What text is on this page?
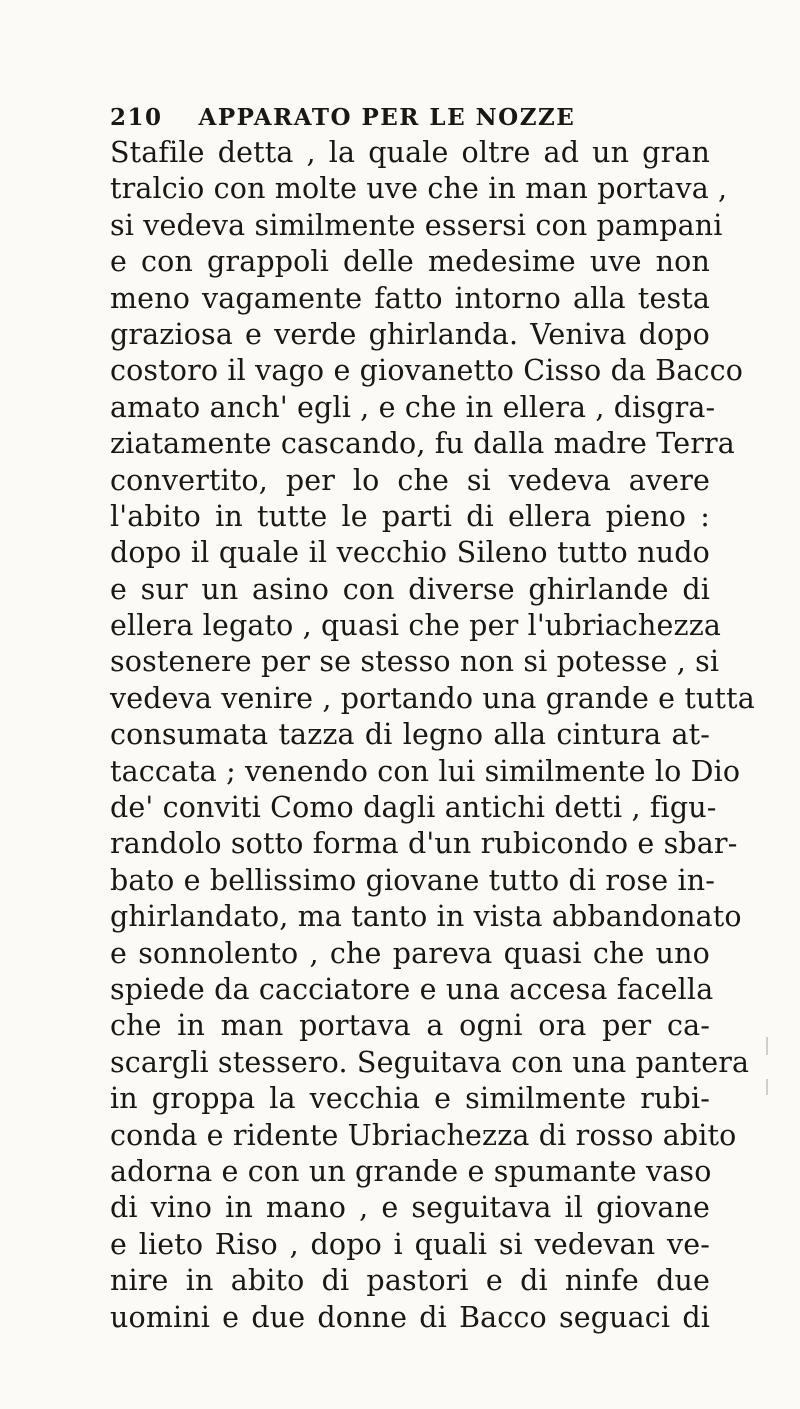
210 APPARATO PER LE NOZZE
Stafile detta , la quale oltre ad un gran
tralcio con molte uve che in man portava ,
si vedeva similmente essersi con pampani
e con grappoli delle medesime uve non
meno vagamente fatto intorno alla testa
graziosa e verde ghirlanda. Veniva dopo
costoro il vago e giovanetto Cisso da Bacco
amato anch' egli , e che in ellera , disgra-
ziatamente cascando, fu dalla madre Terra
convertito, per lo che si vedeva avere
l'abito in tutte le parti di ellera pieno :
dopo il quale il vecchio Sileno tutto nudo
e sur un asino con diverse ghirlande di
ellera legato , quasi che per l'ubriachezza
sostenere per se stesso non si potesse , si
vedeva venire , portando una grande e tutta
consumata tazza di legno alla cintura at-
taccata ; venendo con lui similmente lo Dio
de' conviti Como dagli antichi detti , figu-
randolo sotto forma d'un rubicondo e sbar-
bato e bellissimo giovane tutto di rose in-
ghirlandato, ma tanto in vista abbandonato
e sonnolento , che pareva quasi che uno
spiede da cacciatore e una accesa facella
che in man portava a ogni ora per ca-
scargli stessero. Seguitava con una pantera
in groppa la vecchia e similmente rubi-
conda e ridente Ubriachezza di rosso abito
adorna e con un grande e spumante vaso
di vino in mano , e seguitava il giovane
e lieto Riso , dopo i quali si vedevan ve-
nire in abito di pastori e di ninfe due
uomini e due donne di Bacco seguaci di
